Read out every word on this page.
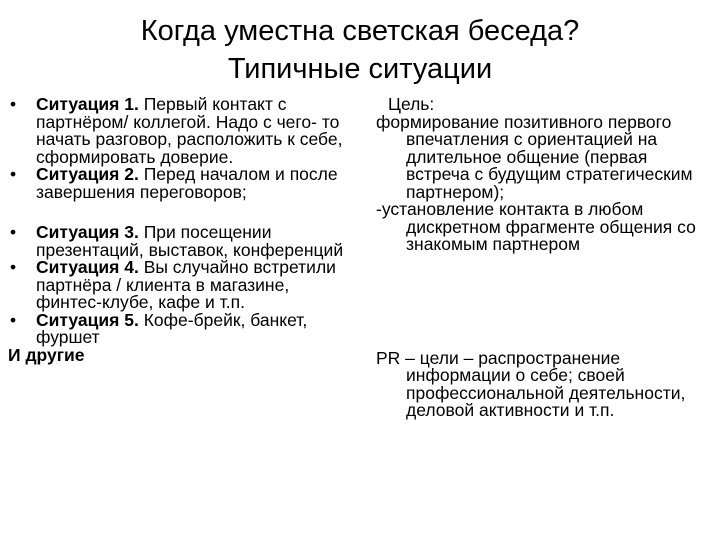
Когда уместна светская беседа?
Типичные ситуации
• Ситуация 1. Первый контакт с партнёром/ коллегой. Надо с чего- то начать разговор, расположить к себе, сформировать доверие.
• Ситуация 2. Перед началом и после завершения переговоров;
• Ситуация 3. При посещении презентаций, выставок, конференций
• Ситуация 4. Вы случайно встретили партнёра / клиента в магазине, финтес-клубе, кафе и т.п.
• Ситуация 5. Кофе-брейк, банкет, фуршет
И другие
Цель:
формирование позитивного первого впечатления с ориентацией на длительное общение (первая встреча с будущим стратегическим партнером);
-установление контакта в любом дискретном фрагменте общения со знакомым партнером
PR – цели – распространение информации о себе; своей профессиональной деятельности, деловой активности и т.п.
